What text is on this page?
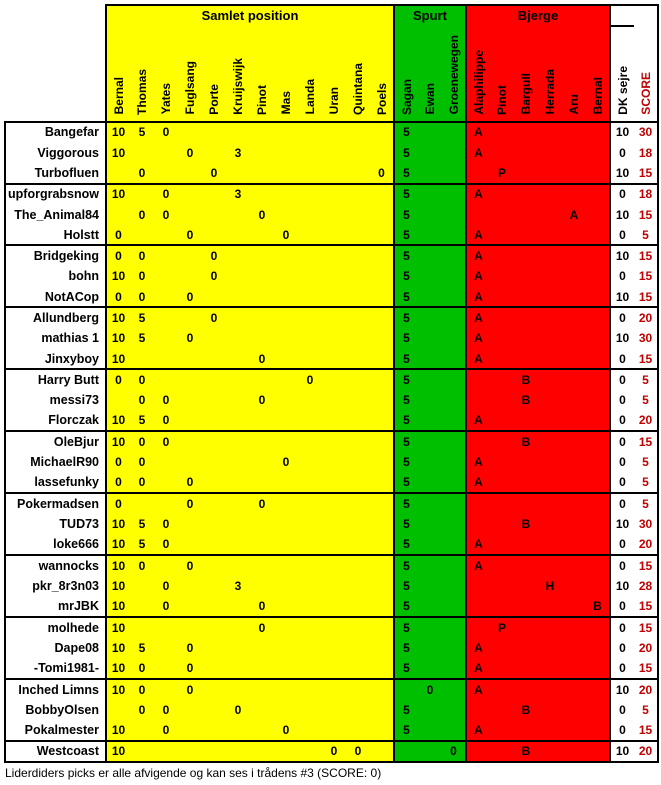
	Samlet position												Spurt			Bjerge							

	Bernal	Thomas	Yates	Fuglsang	Porte	Kruijswijk	Pinot	Mas	Landa	Uran	Quintana	Poels	Sagan	Ewan	Groenewegen	Alaphilippe	Pinot	Bargull	Herrada	Aru	Bernal	DK sejre	SCORE

Bangefar	10	5	0										5			A						10	30
Viggorous	10			0		3							5			A						0	18
Turbofluen		0			0							0	5				P					10	15
upforgrabsnow	10		0			3							5			A						0	18
The_Animal84		0	0				0						5							A		10	15
Holstt	0			0				0					5			A						0	5
Bridgeking	0	0			0								5			A						10	15
bohn	10	0			0								5			A						0	15
NotACop	0	0		0									5			A						10	15
Allundberg	10	5			0								5			A						0	20
mathias 1	10	5		0									5			A						10	30
Jinxyboy	10						0						5			A						0	15
Harry Butt	0	0							0				5					B				0	5
messi73		0	0				0						5					B				0	5
Florczak	10	5	0										5			A						0	20
OleBjur	10	0	0										5					B				0	15
MichaelR90	0	0						0					5			A						0	5
lassefunky	0	0		0									5			A						0	5
Pokermadsen	0			0			0						5									0	5
TUD73	10	5	0										5					B				10	30
loke666	10	5	0										5			A						0	20
wannocks	10	0		0									5			A						0	15
pkr_8r3n03	10		0			3							5						H			10	28
mrJBK	10		0				0						5								B	0	15
molhede	10						0						5				P					0	15
Dape08	10	5		0									5			A						0	20
-Tomi1981-	10	0		0									5			A						0	15
Inched Limns	10	0		0										0		A						10	20
BobbyOlsen		0	0			0							5					B				0	5
Pokalmester	10		0					0					5			A						0	15
Westcoast	10									0	0				0			B				10	20
Liderdiders picks er alle afvigende og kan ses i trådens #3 (SCORE: 0)
